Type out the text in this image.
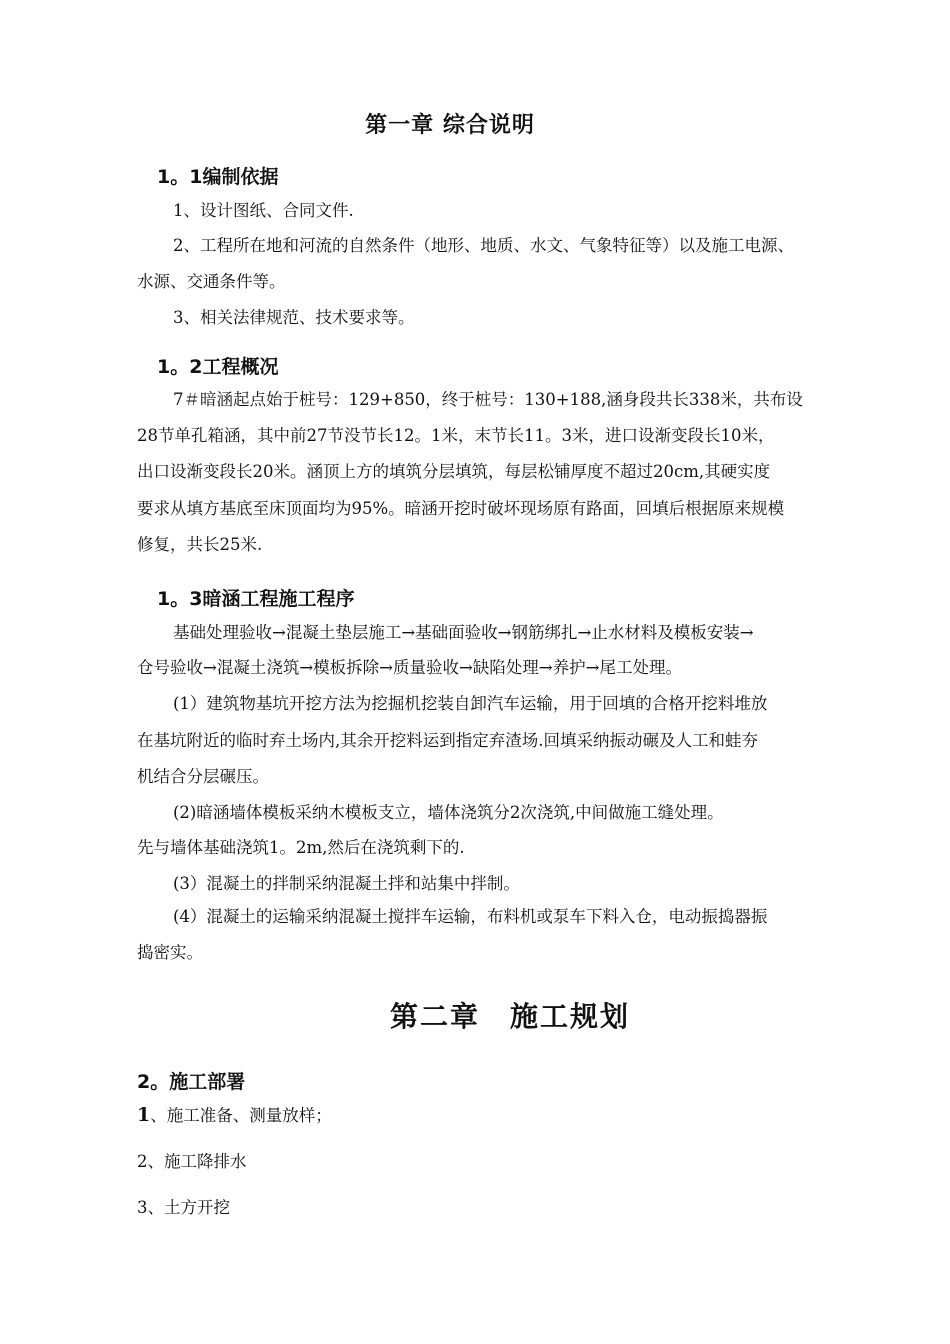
第一章 综合说明
1。1编制依据
1、设计图纸、合同文件.
2、工程所在地和河流的自然条件（地形、地质、水文、气象特征等）以及施工电源、
水源、交通条件等。
3、相关法律规范、技术要求等。
1。2工程概况
7＃暗涵起点始于桩号：129+850，终于桩号：130+188,涵身段共长338米，共布设
28节单孔箱涵，其中前27节没节长12。1米，末节长11。3米，进口设渐变段长10米，
出口设渐变段长20米。涵顶上方的填筑分层填筑，每层松铺厚度不超过20cm,其硬实度
要求从填方基底至床顶面均为95%。暗涵开挖时破坏现场原有路面，回填后根据原来规模
修复，共长25米.
1。3暗涵工程施工程序
基础处理验收→混凝土垫层施工→基础面验收→钢筋绑扎→止水材料及模板安装→
仓号验收→混凝土浇筑→模板拆除→质量验收→缺陷处理→养护→尾工处理。
(1）建筑物基坑开挖方法为挖掘机挖装自卸汽车运输，用于回填的合格开挖料堆放
在基坑附近的临时弃土场内,其余开挖料运到指定弃渣场.回填采纳振动碾及人工和蛙夯
机结合分层碾压。
(2)暗涵墙体模板采纳木模板支立，墙体浇筑分2次浇筑,中间做施工缝处理。
先与墙体基础浇筑1。2m,然后在浇筑剩下的.
(3）混凝土的拌制采纳混凝土拌和站集中拌制。
(4）混凝土的运输采纳混凝土搅拌车运输，布料机或泵车下料入仓，电动振捣器振
捣密实。
第二章　施工规划
2。施工部署
1、施工准备、测量放样；
2、施工降排水
3、土方开挖
